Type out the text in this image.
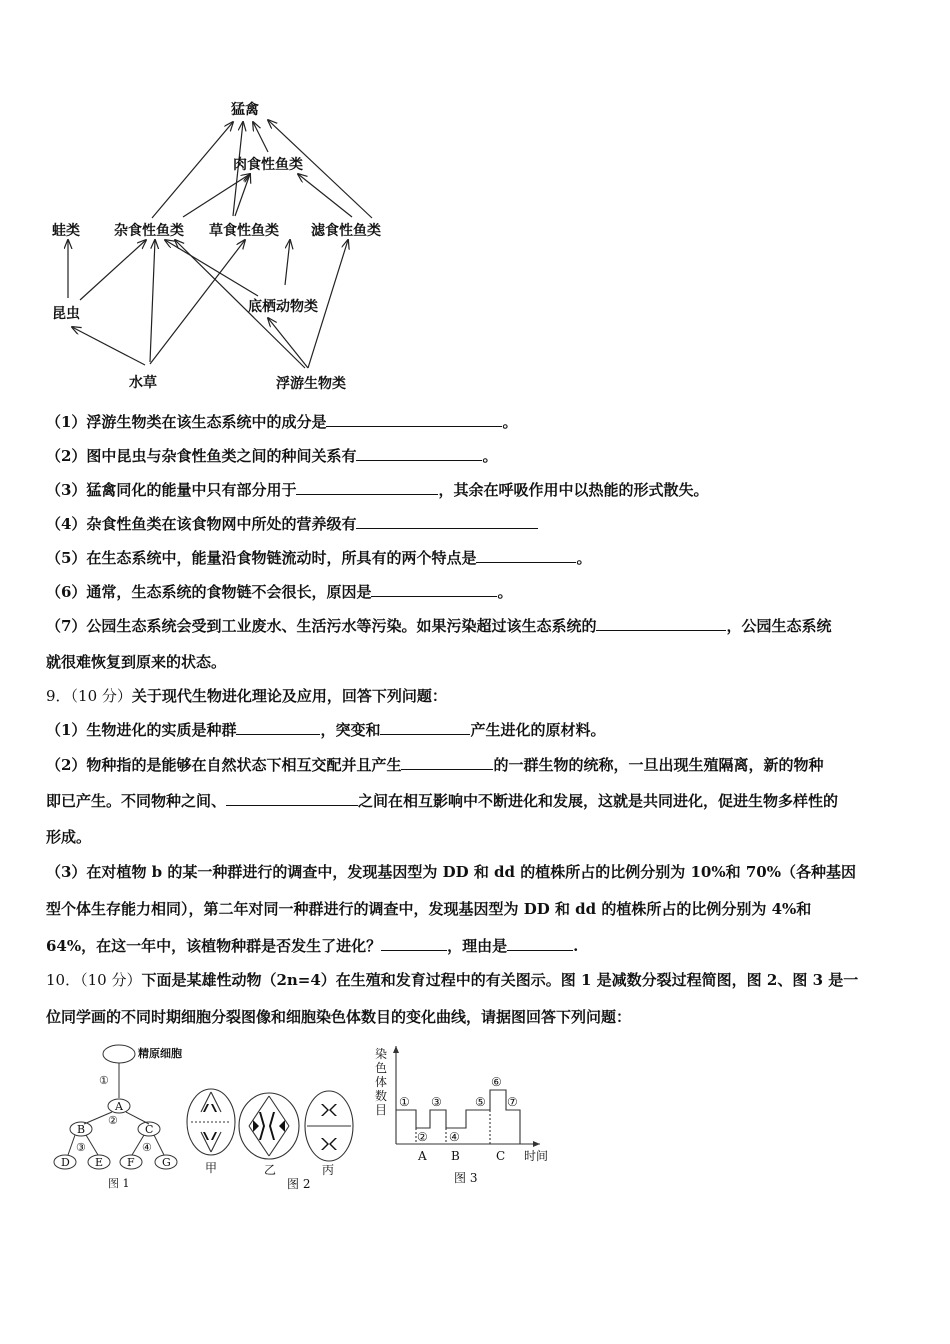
猛禽
肉食性鱼类
蛙类 杂食性鱼类 草食性鱼类 滤食性鱼类
昆虫	底栖动物类
水草	浮游生物类
（1）浮游生物类在该生态系统中的成分是	。
（2）图中昆虫与杂食性鱼类之间的种间关系有	。
（3）猛禽同化的能量中只有部分用于	，其余在呼吸作用中以热能的形式散失。
（4）杂食性鱼类在该食物网中所处的营养级有
（5）在生态系统中，能量沿食物链流动时，所具有的两个特点是	。
（6）通常，生态系统的食物链不会很长，原因是	。
（7）公园生态系统会受到工业废水、生活污水等污染。如果污染超过该生态系统的	，公园生态系统
就很难恢复到原来的状态。
9．（10 分）关于现代生物进化理论及应用，回答下列问题：
（1）生物进化的实质是种群	，突变和	产生进化的原材料。
（2）物种指的是能够在自然状态下相互交配并且产生	的一群生物的统称，一旦出现生殖隔离，新的物种
即已产生。不同物种之间、	之间在相互影响中不断进化和发展，这就是共同进化，促进生物多样性的
形成。
（3）在对植物 b 的某一种群进行的调查中，发现基因型为 DD 和 dd 的植株所占的比例分别为 10%和 70%（各种基因
型个体生存能力相同），第二年对同一种群进行的调查中，发现基因型为 DD 和 dd 的植株所占的比例分别为 4%和
64%，在这一年中，该植物种群是否发生了进化？	，理由是	.
10．（10 分）下面是某雄性动物（2n=4）在生殖和发育过程中的有关图示。图 1 是减数分裂过程简图，图 2、图 3 是一
位同学画的不同时期细胞分裂图像和细胞染色体数目的变化曲线，请据图回答下列问题：
精原细胞
①
②
③	④
A
B	C
D E F G
图 1
甲	乙	丙
图 2
染
色
体
数
目
①
②
③
④
⑤
⑥
⑦
A B	C 时间
图 3
